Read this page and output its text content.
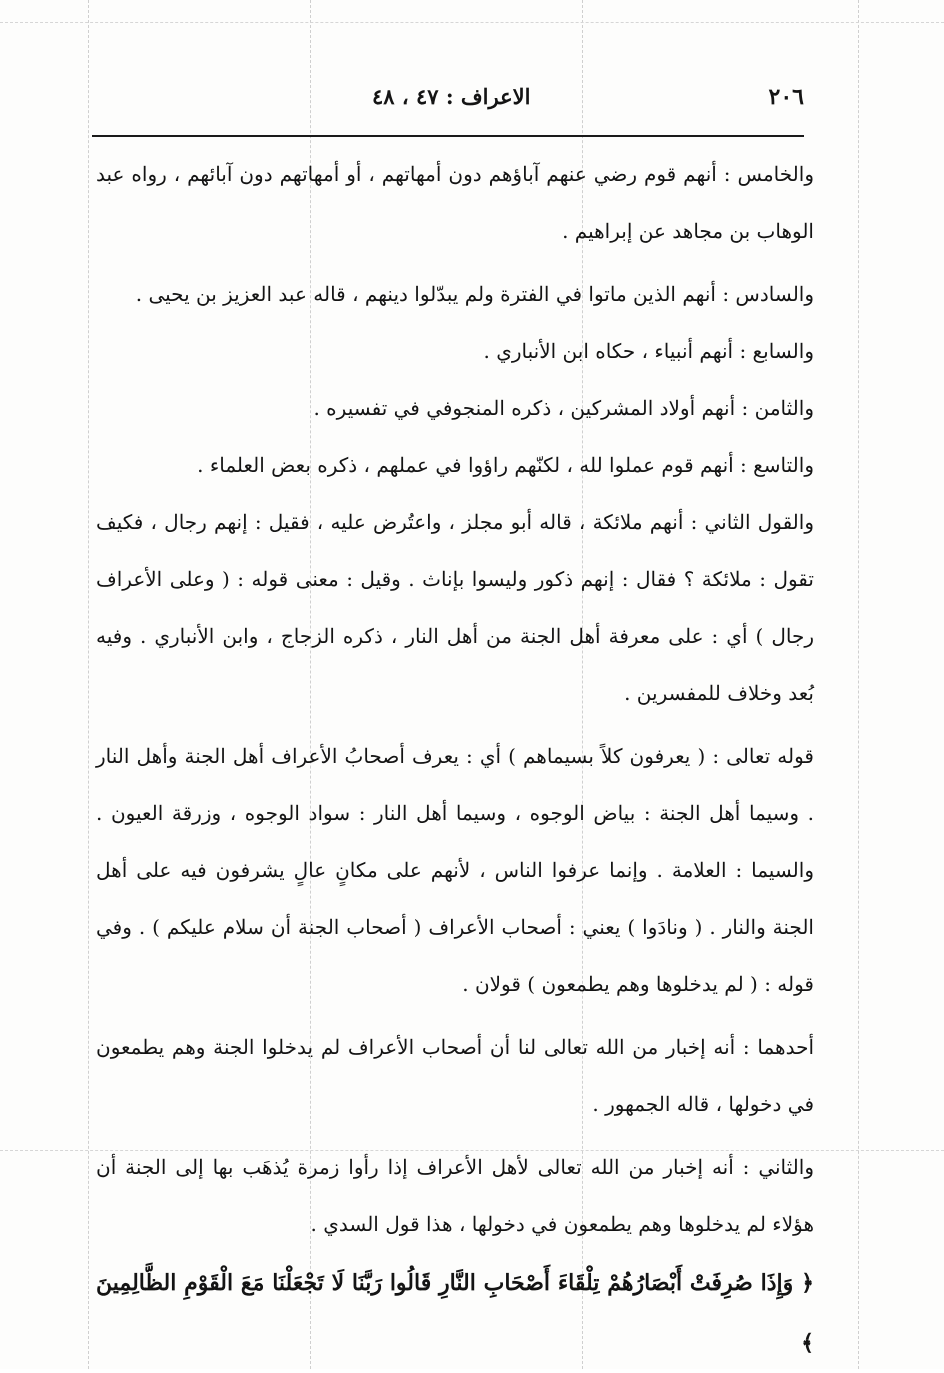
٢٠٦
الاعراف : ٤٧ ، ٤٨

والخامس : أنهم قوم رضي عنهم آباؤهم دون أمهاتهم ، أو أمهاتهم دون آبائهم ، رواه عبد الوهاب بن مجاهد عن إبراهيم .

والسادس : أنهم الذين ماتوا في الفترة ولم يبدّلوا دينهم ، قاله عبد العزيز بن يحيى .

والسابع : أنهم أنبياء ، حكاه ابن الأنباري .

والثامن : أنهم أولاد المشركين ، ذكره المنجوفي في تفسيره .

والتاسع : أنهم قوم عملوا لله ، لكنّهم راؤوا في عملهم ، ذكره بعض العلماء .

والقول الثاني : أنهم ملائكة ، قاله أبو مجلز ، واعتُرض عليه ، فقيل : إنهم رجال ، فكيف تقول : ملائكة ؟ فقال : إنهم ذكور وليسوا بإناث . وقيل : معنى قوله : ( وعلى الأعراف رجال ) أي : على معرفة أهل الجنة من أهل النار ، ذكره الزجاج ، وابن الأنباري . وفيه بُعد وخلاف للمفسرين .

قوله تعالى : ( يعرفون كلاً بسيماهم ) أي : يعرف أصحابُ الأعراف أهل الجنة وأهل النار . وسيما أهل الجنة : بياض الوجوه ، وسيما أهل النار : سواد الوجوه ، وزرقة العيون . والسيما : العلامة . وإنما عرفوا الناس ، لأنهم على مكانٍ عالٍ يشرفون فيه على أهل الجنة والنار . ( ونادَوا ) يعني : أصحاب الأعراف ( أصحاب الجنة أن سلام عليكم ) . وفي قوله : ( لم يدخلوها وهم يطمعون ) قولان .

أحدهما : أنه إخبار من الله تعالى لنا أن أصحاب الأعراف لم يدخلوا الجنة وهم يطمعون في دخولها ، قاله الجمهور .

والثاني : أنه إخبار من الله تعالى لأهل الأعراف إذا رأوا زمرة يُذهَب بها إلى الجنة أن هؤلاء لم يدخلوها وهم يطمعون في دخولها ، هذا قول السدي .

﴿ وَإِذَا صُرِفَتْ أَبْصَارُهُمْ تِلْقَاءَ أَصْحَابِ النَّارِ قَالُوا رَبَّنَا لَا تَجْعَلْنَا مَعَ الْقَوْمِ الظَّالِمِينَ ﴾
